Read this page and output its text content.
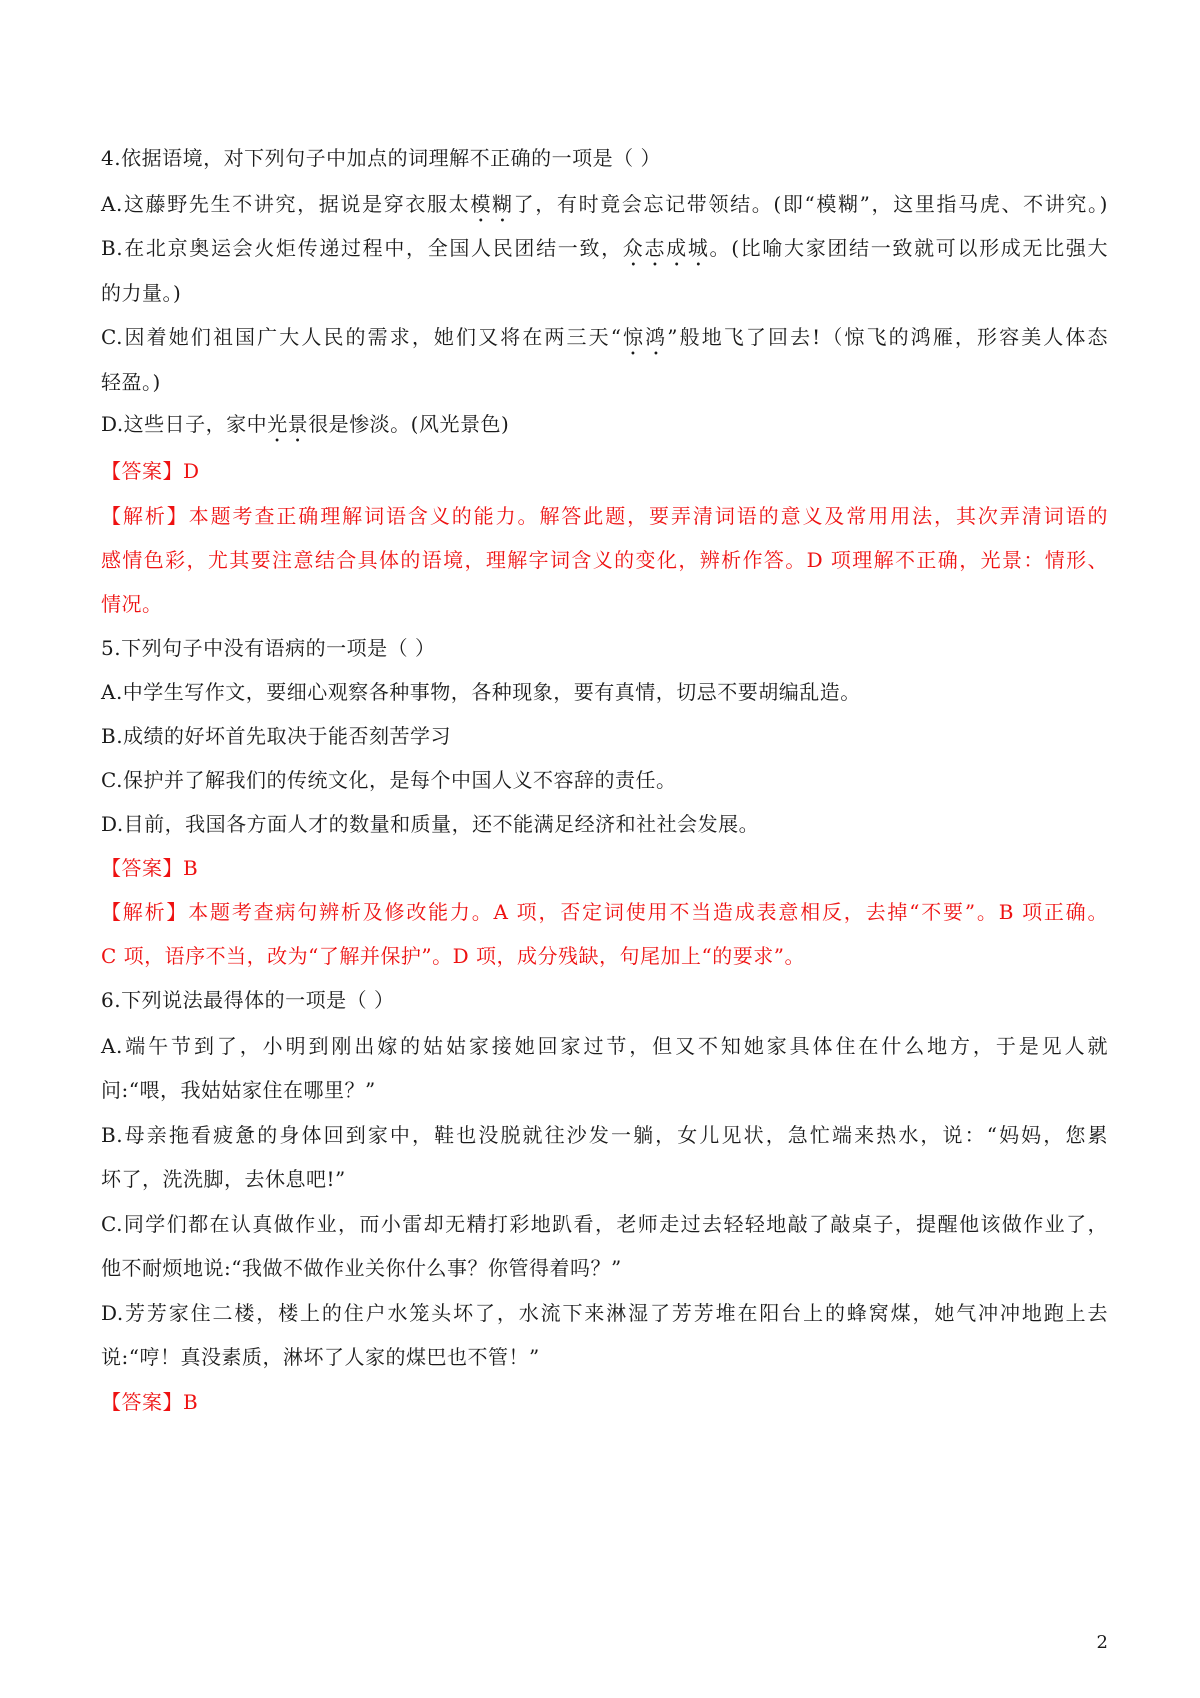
4.依据语境，对下列句子中加点的词理解不正确的一项是（ ）
A.这藤野先生不讲究，据说是穿衣服太模糊了，有时竟会忘记带领结。(即“模糊”，这里指马虎、不讲究。)
B.在北京奥运会火炬传递过程中，全国人民团结一致，众志成城。(比喻大家团结一致就可以形成无比强大
的力量。)
C.因着她们祖国广大人民的需求，她们又将在两三天“惊鸿”般地飞了回去!（惊飞的鸿雁，形容美人体态
轻盈。)
D.这些日子，家中光景很是惨淡。(风光景色)
【答案】D
【解析】本题考查正确理解词语含义的能力。解答此题，要弄清词语的意义及常用用法，其次弄清词语的
感情色彩，尤其要注意结合具体的语境，理解字词含义的变化，辨析作答。D 项理解不正确，光景：情形、
情况。
5.下列句子中没有语病的一项是（ ）
A.中学生写作文，要细心观察各种事物，各种现象，要有真情，切忌不要胡编乱造。
B.成绩的好坏首先取决于能否刻苦学习
C.保护并了解我们的传统文化，是每个中国人义不容辞的责任。
D.目前，我国各方面人才的数量和质量，还不能满足经济和社社会发展。
【答案】B
【解析】本题考查病句辨析及修改能力。A 项，否定词使用不当造成表意相反，去掉“不要”。B 项正确。
C 项，语序不当，改为“了解并保护”。D 项，成分残缺，句尾加上“的要求”。
6.下列说法最得体的一项是（ ）
A.端午节到了，小明到刚出嫁的姑姑家接她回家过节，但又不知她家具体住在什么地方，于是见人就
问:“喂，我姑姑家住在哪里？”
B.母亲拖看疲惫的身体回到家中，鞋也没脱就往沙发一躺，女儿见状，急忙端来热水，说：“妈妈，您累
坏了，洗洗脚，去休息吧!”
C.同学们都在认真做作业，而小雷却无精打彩地趴看，老师走过去轻轻地敲了敲桌子，提醒他该做作业了，
他不耐烦地说:“我做不做作业关你什么事？你管得着吗？”
D.芳芳家住二楼，楼上的住户水笼头坏了，水流下来淋湿了芳芳堆在阳台上的蜂窝煤，她气冲冲地跑上去
说:“哼！真没素质，淋坏了人家的煤巴也不管！”
【答案】B
2
